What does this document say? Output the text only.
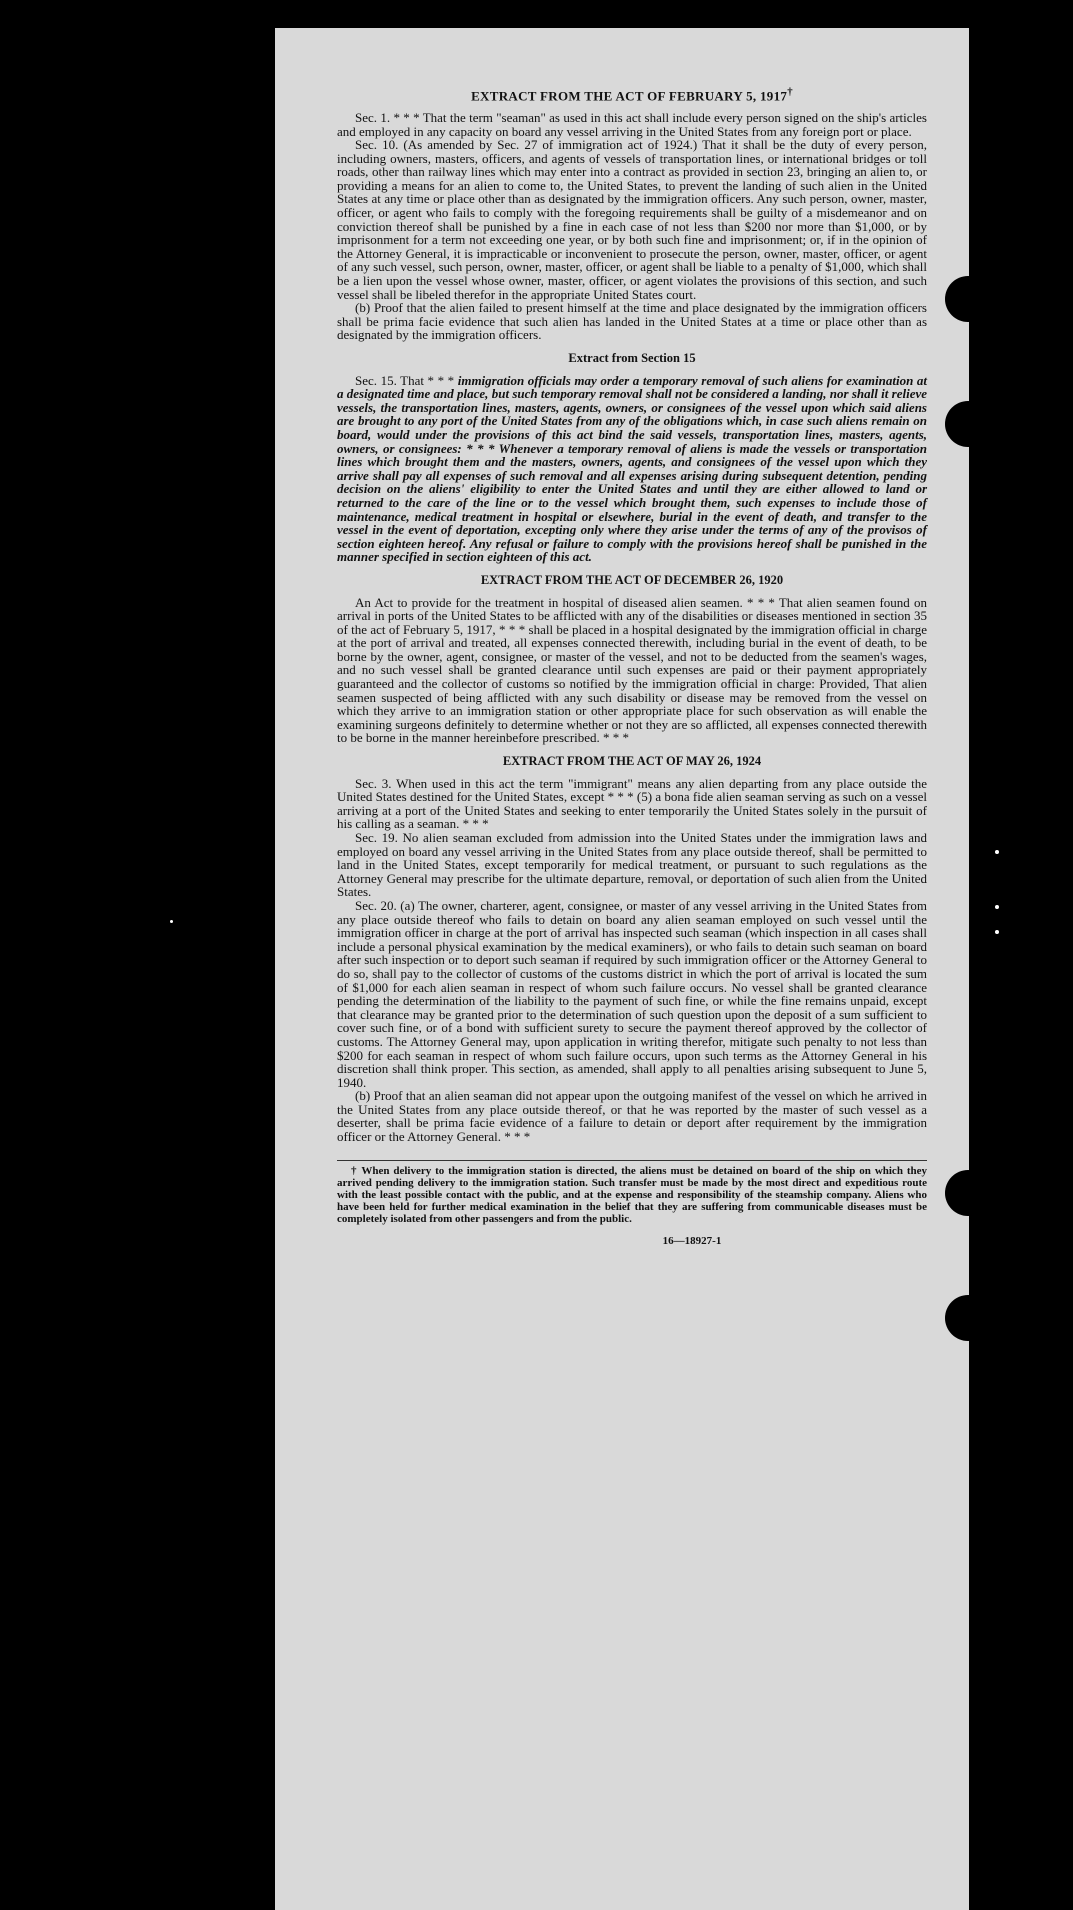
EXTRACT FROM THE ACT OF FEBRUARY 5, 1917†

Sec. 1. * * * That the term "seaman" as used in this act shall include every person signed on the ship's articles and employed in any capacity on board any vessel arriving in the United States from any foreign port or place.

Sec. 10. (As amended by Sec. 27 of immigration act of 1924.) That it shall be the duty of every person, including owners, masters, officers, and agents of vessels of transportation lines, or international bridges or toll roads, other than railway lines which may enter into a contract as provided in section 23, bringing an alien to, or providing a means for an alien to come to, the United States, to prevent the landing of such alien in the United States at any time or place other than as designated by the immigration officers. Any such person, owner, master, officer, or agent who fails to comply with the foregoing requirements shall be guilty of a misdemeanor and on conviction thereof shall be punished by a fine in each case of not less than $200 nor more than $1,000, or by imprisonment for a term not exceeding one year, or by both such fine and imprisonment; or, if in the opinion of the Attorney General, it is impracticable or inconvenient to prosecute the person, owner, master, officer, or agent of any such vessel, such person, owner, master, officer, or agent shall be liable to a penalty of $1,000, which shall be a lien upon the vessel whose owner, master, officer, or agent violates the provisions of this section, and such vessel shall be libeled therefor in the appropriate United States court.

(b) Proof that the alien failed to present himself at the time and place designated by the immigration officers shall be prima facie evidence that such alien has landed in the United States at a time or place other than as designated by the immigration officers.

Extract from Section 15

Sec. 15. That * * * immigration officials may order a temporary removal of such aliens for examination at a designated time and place, but such temporary removal shall not be considered a landing, nor shall it relieve vessels, the transportation lines, masters, agents, owners, or consignees of the vessel upon which said aliens are brought to any port of the United States from any of the obligations which, in case such aliens remain on board, would under the provisions of this act bind the said vessels, transportation lines, masters, agents, owners, or consignees: * * * Whenever a temporary removal of aliens is made the vessels or transportation lines which brought them and the masters, owners, agents, and consignees of the vessel upon which they arrive shall pay all expenses of such removal and all expenses arising during subsequent detention, pending decision on the aliens' eligibility to enter the United States and until they are either allowed to land or returned to the care of the line or to the vessel which brought them, such expenses to include those of maintenance, medical treatment in hospital or elsewhere, burial in the event of death, and transfer to the vessel in the event of deportation, excepting only where they arise under the terms of any of the provisos of section eighteen hereof. Any refusal or failure to comply with the provisions hereof shall be punished in the manner specified in section eighteen of this act.

EXTRACT FROM THE ACT OF DECEMBER 26, 1920

An Act to provide for the treatment in hospital of diseased alien seamen. * * * That alien seamen found on arrival in ports of the United States to be afflicted with any of the disabilities or diseases mentioned in section 35 of the act of February 5, 1917, * * * shall be placed in a hospital designated by the immigration official in charge at the port of arrival and treated, all expenses connected therewith, including burial in the event of death, to be borne by the owner, agent, consignee, or master of the vessel, and not to be deducted from the seamen's wages, and no such vessel shall be granted clearance until such expenses are paid or their payment appropriately guaranteed and the collector of customs so notified by the immigration official in charge: Provided, That alien seamen suspected of being afflicted with any such disability or disease may be removed from the vessel on which they arrive to an immigration station or other appropriate place for such observation as will enable the examining surgeons definitely to determine whether or not they are so afflicted, all expenses connected therewith to be borne in the manner hereinbefore prescribed. * * *

EXTRACT FROM THE ACT OF MAY 26, 1924

Sec. 3. When used in this act the term "immigrant" means any alien departing from any place outside the United States destined for the United States, except * * * (5) a bona fide alien seaman serving as such on a vessel arriving at a port of the United States and seeking to enter temporarily the United States solely in the pursuit of his calling as a seaman. * * *

Sec. 19. No alien seaman excluded from admission into the United States under the immigration laws and employed on board any vessel arriving in the United States from any place outside thereof, shall be permitted to land in the United States, except temporarily for medical treatment, or pursuant to such regulations as the Attorney General may prescribe for the ultimate departure, removal, or deportation of such alien from the United States.

Sec. 20. (a) The owner, charterer, agent, consignee, or master of any vessel arriving in the United States from any place outside thereof who fails to detain on board any alien seaman employed on such vessel until the immigration officer in charge at the port of arrival has inspected such seaman (which inspection in all cases shall include a personal physical examination by the medical examiners), or who fails to detain such seaman on board after such inspection or to deport such seaman if required by such immigration officer or the Attorney General to do so, shall pay to the collector of customs of the customs district in which the port of arrival is located the sum of $1,000 for each alien seaman in respect of whom such failure occurs. No vessel shall be granted clearance pending the determination of the liability to the payment of such fine, or while the fine remains unpaid, except that clearance may be granted prior to the determination of such question upon the deposit of a sum sufficient to cover such fine, or of a bond with sufficient surety to secure the payment thereof approved by the collector of customs. The Attorney General may, upon application in writing therefor, mitigate such penalty to not less than $200 for each seaman in respect of whom such failure occurs, upon such terms as the Attorney General in his discretion shall think proper. This section, as amended, shall apply to all penalties arising subsequent to June 5, 1940.

(b) Proof that an alien seaman did not appear upon the outgoing manifest of the vessel on which he arrived in the United States from any place outside thereof, or that he was reported by the master of such vessel as a deserter, shall be prima facie evidence of a failure to detain or deport after requirement by the immigration officer or the Attorney General. * * *

† When delivery to the immigration station is directed, the aliens must be detained on board of the ship on which they arrived pending delivery to the immigration station. Such transfer must be made by the most direct and expeditious route with the least possible contact with the public, and at the expense and responsibility of the steamship company. Aliens who have been held for further medical examination in the belief that they are suffering from communicable diseases must be completely isolated from other passengers and from the public.

16—18927-1
